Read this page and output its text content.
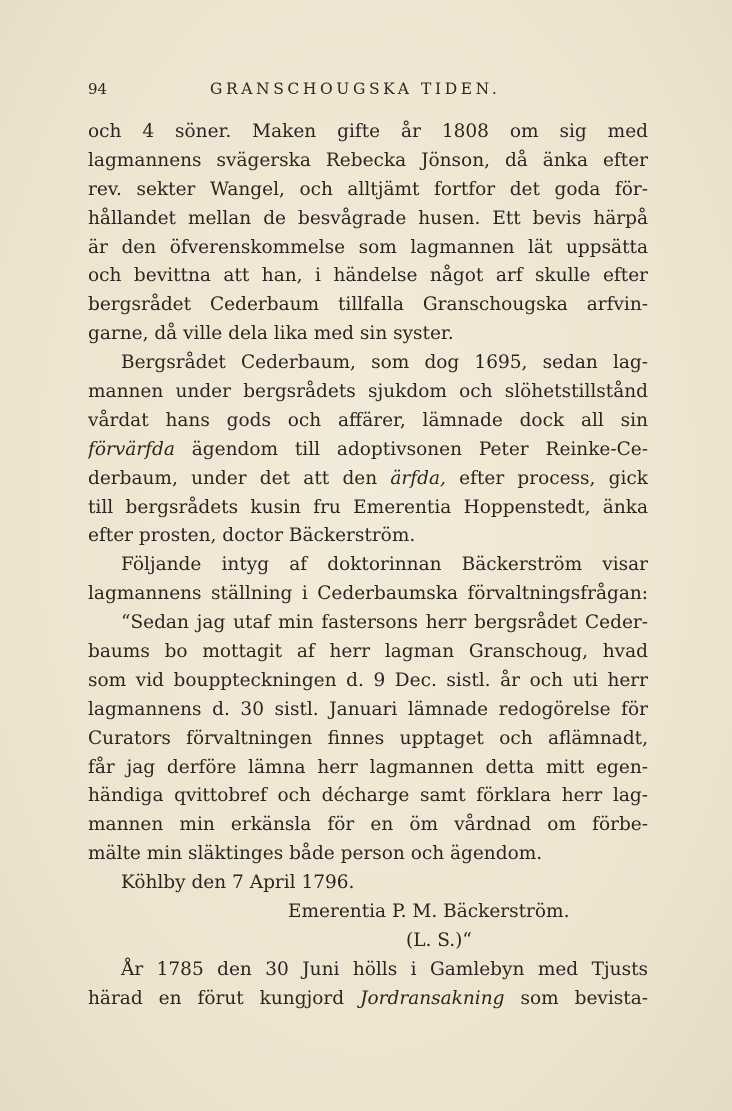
94	GRANSCHOUGSKA TIDEN.
och 4 söner. Maken gifte år 1808 om sig med
lagmannens svägerska Rebecka Jönson, då änka efter
rev. sekter Wangel, och alltjämt fortfor det goda för-
hållandet mellan de besvågrade husen. Ett bevis härpå
är den öfverenskommelse som lagmannen lät uppsätta
och bevittna att han, i händelse något arf skulle efter
bergsrådet Cederbaum tillfalla Granschougska arfvin-
garne, då ville dela lika med sin syster.
Bergsrådet Cederbaum, som dog 1695, sedan lag-
mannen under bergsrådets sjukdom och slöhetstillstånd
vårdat hans gods och affärer, lämnade dock all sin
förvärfda ägendom till adoptivsonen Peter Reinke-Ce-
derbaum, under det att den ärfda, efter process, gick
till bergsrådets kusin fru Emerentia Hoppenstedt, änka
efter prosten, doctor Bäckerström.
Följande intyg af doktorinnan Bäckerström visar
lagmannens ställning i Cederbaumska förvaltningsfrågan:
“Sedan jag utaf min fastersons herr bergsrådet Ceder-
baums bo mottagit af herr lagman Granschoug, hvad
som vid bouppteckningen d. 9 Dec. sistl. år och uti herr
lagmannens d. 30 sistl. Januari lämnade redogörelse för
Curators förvaltningen finnes upptaget och aflämnadt,
får jag derföre lämna herr lagmannen detta mitt egen-
händiga qvittobref och décharge samt förklara herr lag-
mannen min erkänsla för en öm vårdnad om förbe-
mälte min släktinges både person och ägendom.
Köhlby den 7 April 1796.
Emerentia P. M. Bäckerström.
(L. S.)“
År 1785 den 30 Juni hölls i Gamlebyn med Tjusts
härad en förut kungjord Jordransakning som bevista-
